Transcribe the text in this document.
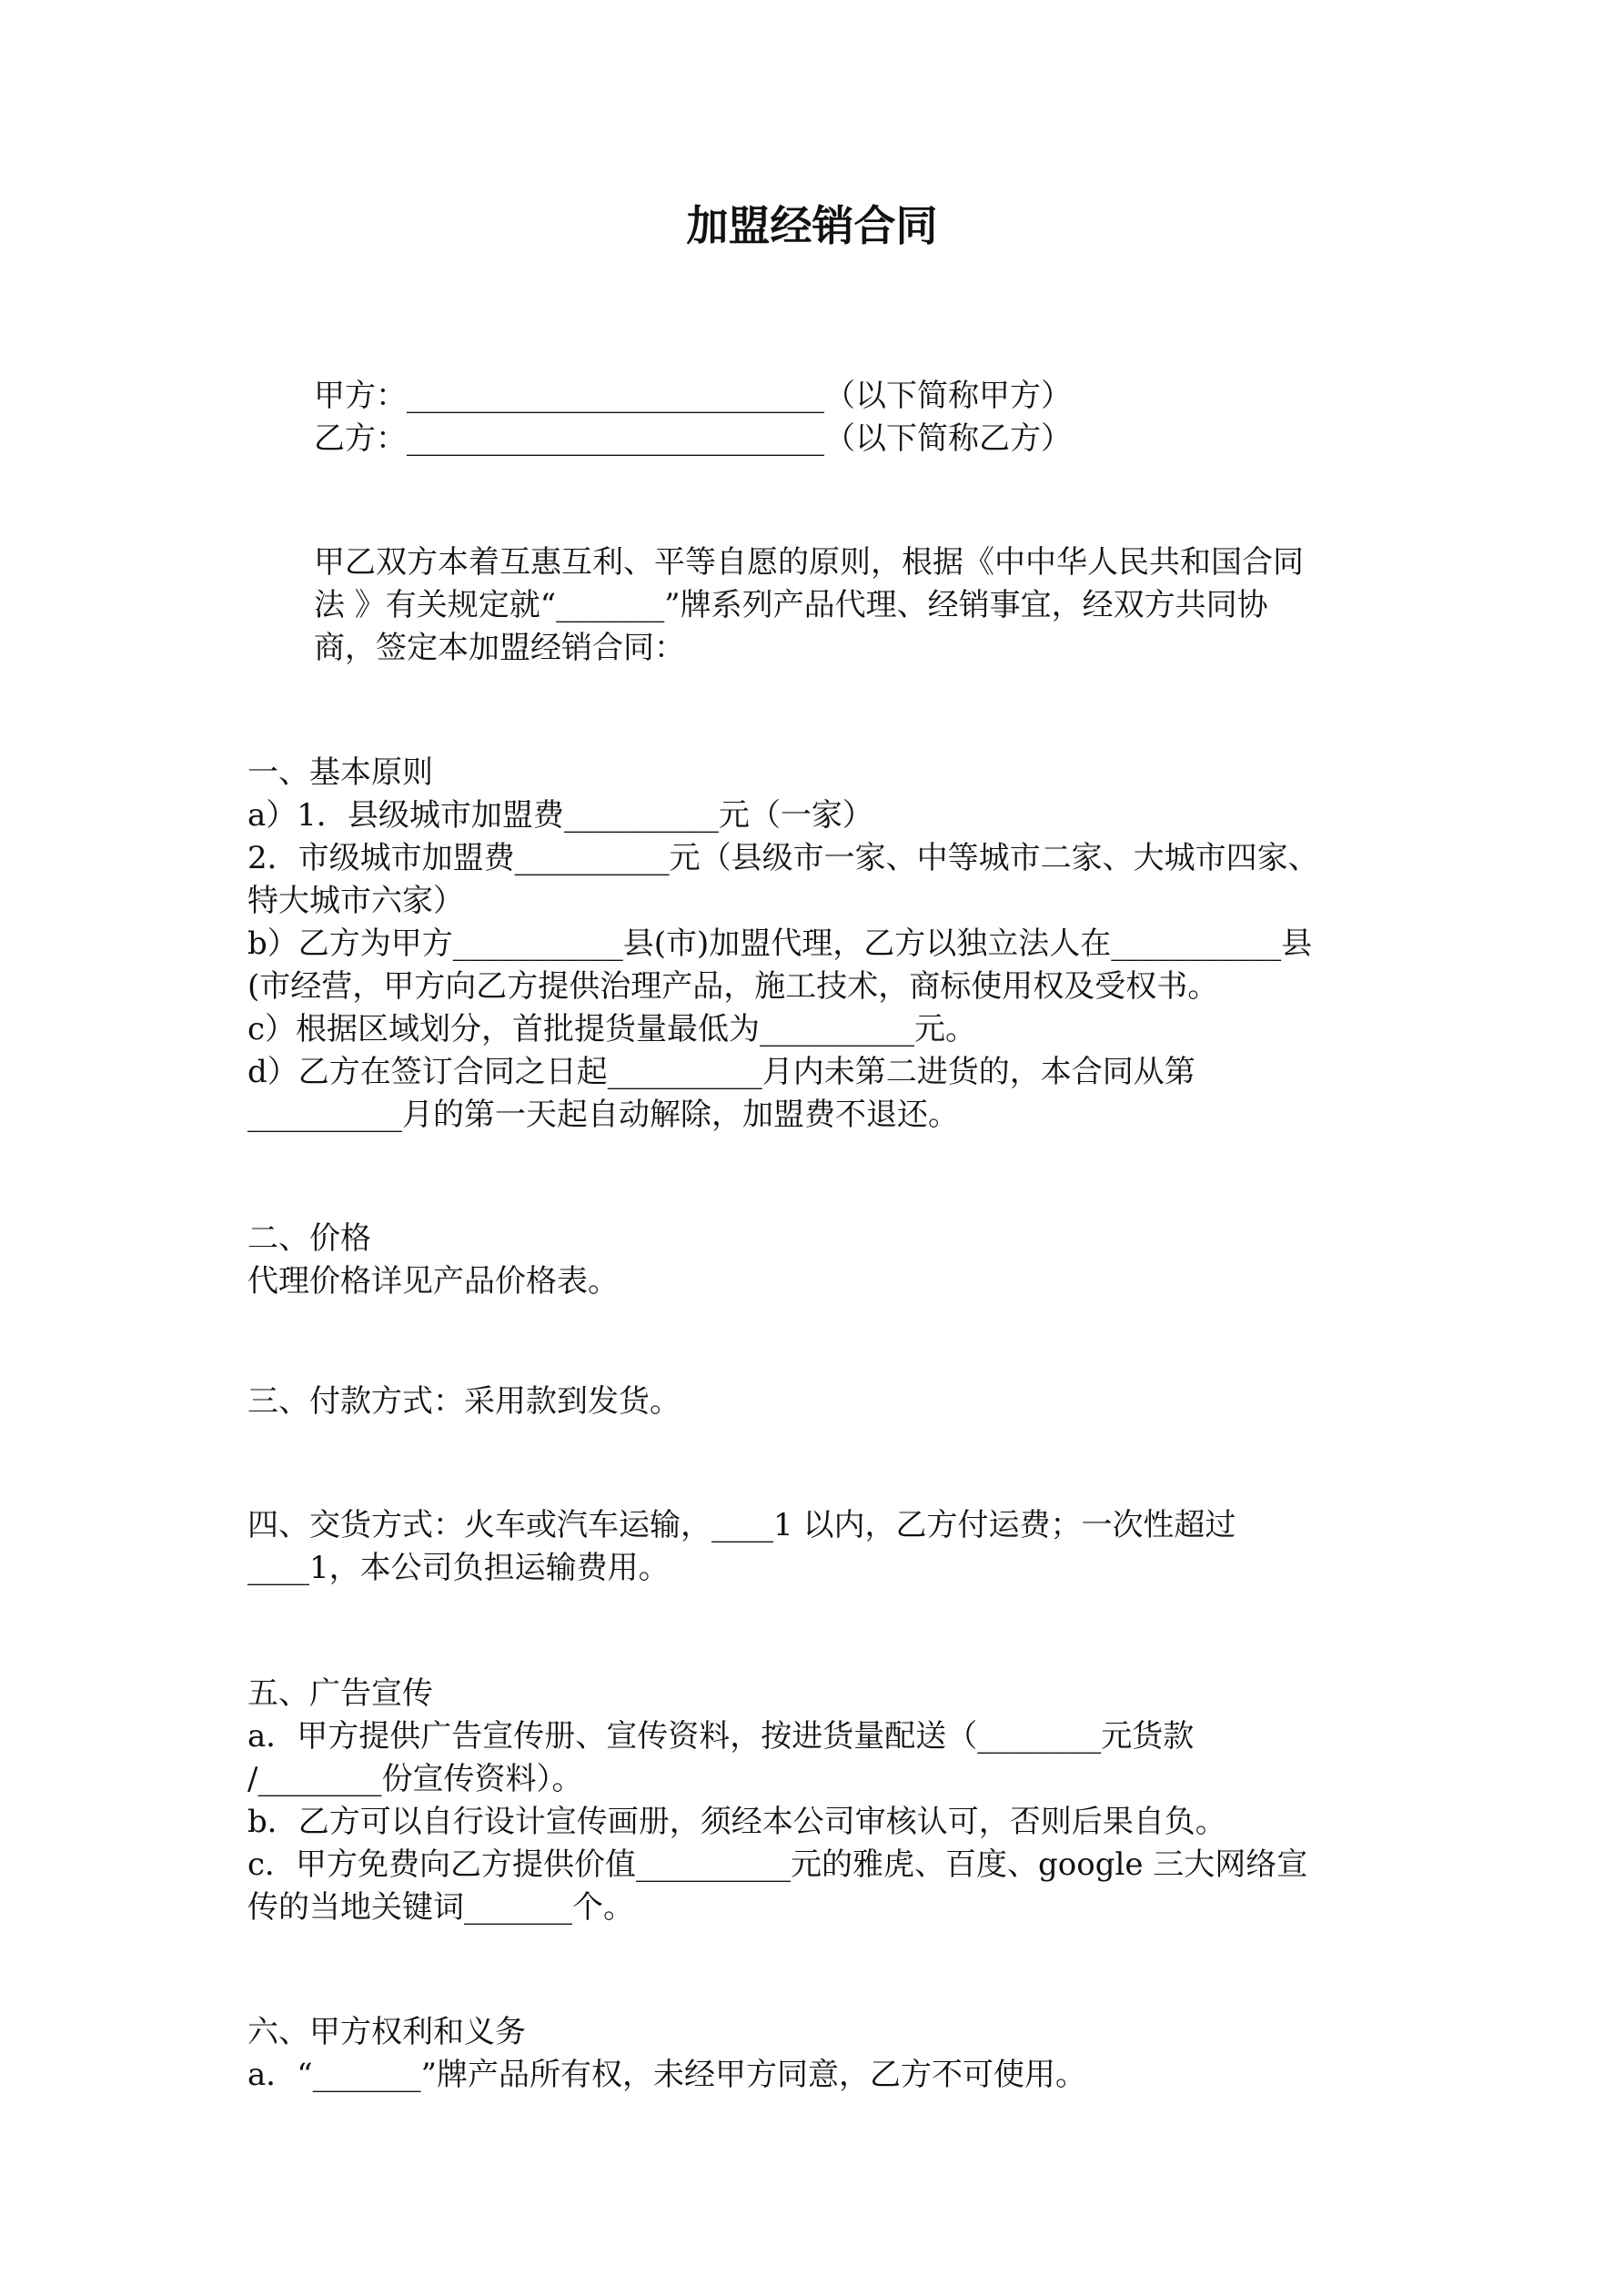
加盟经销合同
甲方：___________________________（以下简称甲方）
乙方：___________________________（以下简称乙方）
甲乙双方本着互惠互利、平等自愿的原则，根据《中中华人民共和国合同
法 》有关规定就“_______”牌系列产品代理、经销事宜，经双方共同协
商，签定本加盟经销合同：
一、基本原则
a）1．县级城市加盟费__________元（一家）
2．市级城市加盟费__________元（县级市一家、中等城市二家、大城市四家、
特大城市六家）
b）乙方为甲方___________县(市)加盟代理，乙方以独立法人在___________县
(市经营，甲方向乙方提供治理产品，施工技术，商标使用权及受权书。
c）根据区域划分，首批提货量最低为__________元。
d）乙方在签订合同之日起__________月内未第二进货的，本合同从第
__________月的第一天起自动解除，加盟费不退还。
二、价格
代理价格详见产品价格表。
三、付款方式：采用款到发货。
四、交货方式：火车或汽车运输，____1 以内，乙方付运费；一次性超过
____1，本公司负担运输费用。
五、广告宣传
a．甲方提供广告宣传册、宣传资料，按进货量配送（________元货款
/________份宣传资料）。
b．乙方可以自行设计宣传画册，须经本公司审核认可，否则后果自负。
c．甲方免费向乙方提供价值__________元的雅虎、百度、google 三大网络宣
传的当地关键词_______个。
六、甲方权利和义务
a．“_______”牌产品所有权，未经甲方同意，乙方不可使用。
